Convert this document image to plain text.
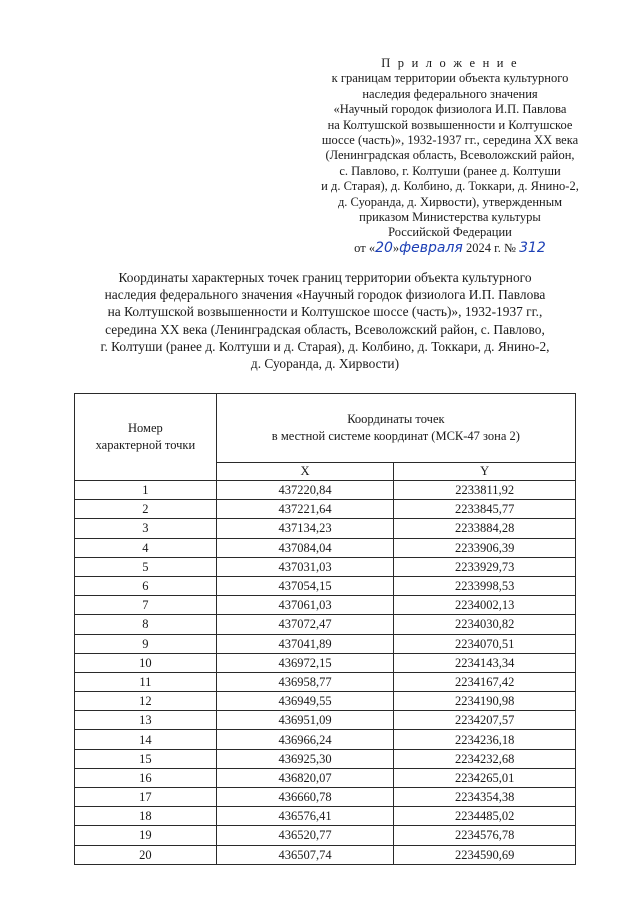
П р и л о ж е н и е
к границам территории объекта культурного
наследия федерального значения
«Научный городок физиолога И.П. Павлова
на Колтушской возвышенности и Колтушское
шоссе (часть)», 1932-1937 гг., середина XX века
(Ленинградская область, Всеволожский район,
с. Павлово, г. Колтуши (ранее д. Колтуши
и д. Старая), д. Колбино, д. Токкари, д. Янино-2,
д. Суоранда, д. Хирвости), утвержденным
приказом Министерства культуры
Российской Федерации
от «20»февраля 2024 г. № 312
Координаты характерных точек границ территории объекта культурного
наследия федерального значения «Научный городок физиолога И.П. Павлова
на Колтушской возвышенности и Колтушское шоссе (часть)», 1932-1937 гг.,
середина XX века (Ленинградская область, Всеволожский район, с. Павлово,
г. Колтуши (ранее д. Колтуши и д. Старая), д. Колбино, д. Токкари, д. Янино-2,
д. Суоранда, д. Хирвости)
Номер
характерной точки	Координаты точек
в местной системе координат (МСК-47 зона 2)	
	X	Y
1	437220,84	2233811,92
2	437221,64	2233845,77
3	437134,23	2233884,28
4	437084,04	2233906,39
5	437031,03	2233929,73
6	437054,15	2233998,53
7	437061,03	2234002,13
8	437072,47	2234030,82
9	437041,89	2234070,51
10	436972,15	2234143,34
11	436958,77	2234167,42
12	436949,55	2234190,98
13	436951,09	2234207,57
14	436966,24	2234236,18
15	436925,30	2234232,68
16	436820,07	2234265,01
17	436660,78	2234354,38
18	436576,41	2234485,02
19	436520,77	2234576,78
20	436507,74	2234590,69
